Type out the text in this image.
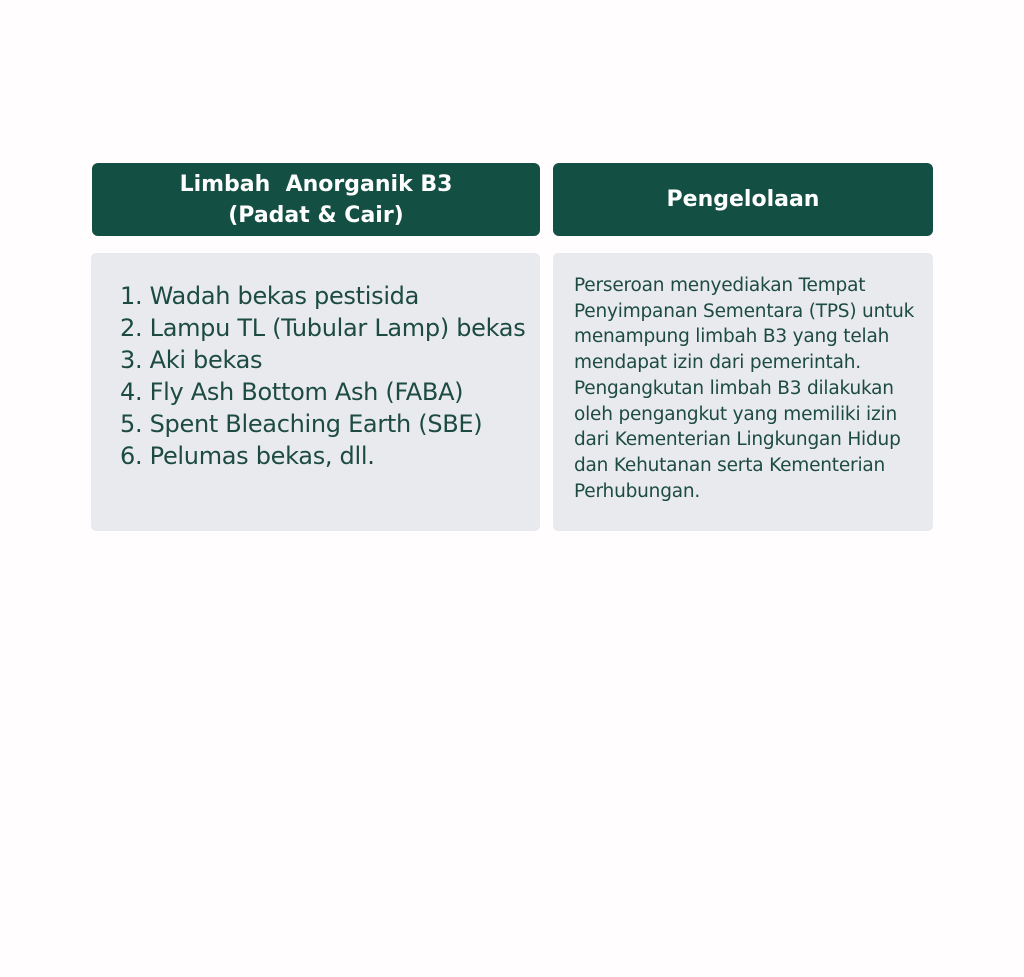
Limbah  Anorganik B3
(Padat & Cair)
Pengelolaan
1. Wadah bekas pestisida
2. Lampu TL (Tubular Lamp) bekas
3. Aki bekas
4. Fly Ash Bottom Ash (FABA)
5. Spent Bleaching Earth (SBE)
6. Pelumas bekas, dll.
Perseroan menyediakan Tempat
Penyimpanan Sementara (TPS) untuk
menampung limbah B3 yang telah
mendapat izin dari pemerintah.
Pengangkutan limbah B3 dilakukan
oleh pengangkut yang memiliki izin
dari Kementerian Lingkungan Hidup
dan Kehutanan serta Kementerian
Perhubungan.
